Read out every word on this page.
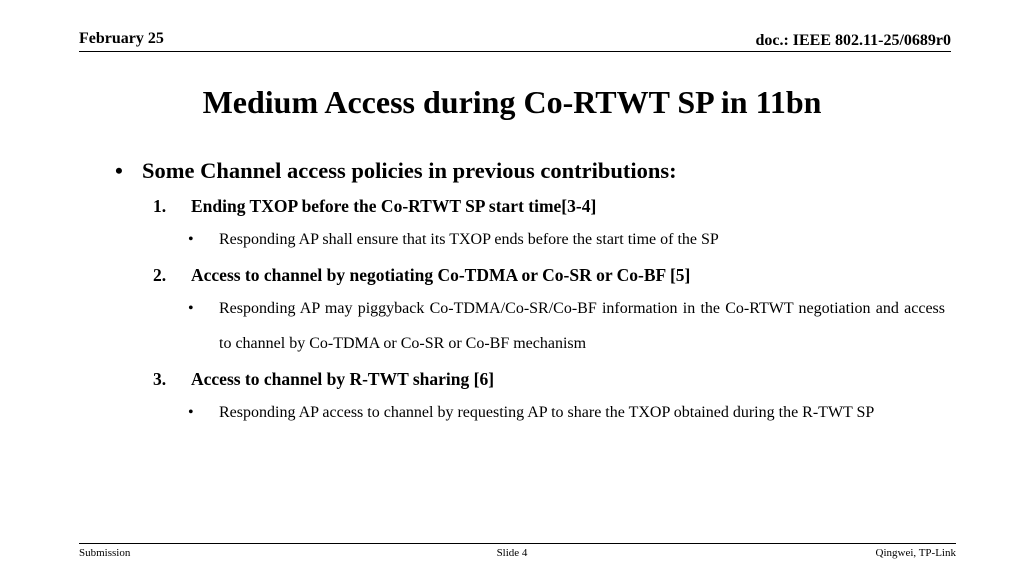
February 25	doc.: IEEE 802.11-25/0689r0
Medium Access during Co-RTWT SP in 11bn
• Some Channel access policies in previous contributions:
1. Ending TXOP before the Co-RTWT SP start time[3-4]
• Responding AP shall ensure that its TXOP ends before the start time of the SP
2. Access to channel by negotiating Co-TDMA or Co-SR or Co-BF [5]
• Responding AP may piggyback Co-TDMA/Co-SR/Co-BF information in the Co-RTWT negotiation and access to channel by Co-TDMA or Co-SR or Co-BF mechanism
3. Access to channel by R-TWT sharing [6]
• Responding AP access to channel by requesting AP to share the TXOP obtained during the R-TWT SP
Submission	Slide 4	Qingwei, TP-Link
